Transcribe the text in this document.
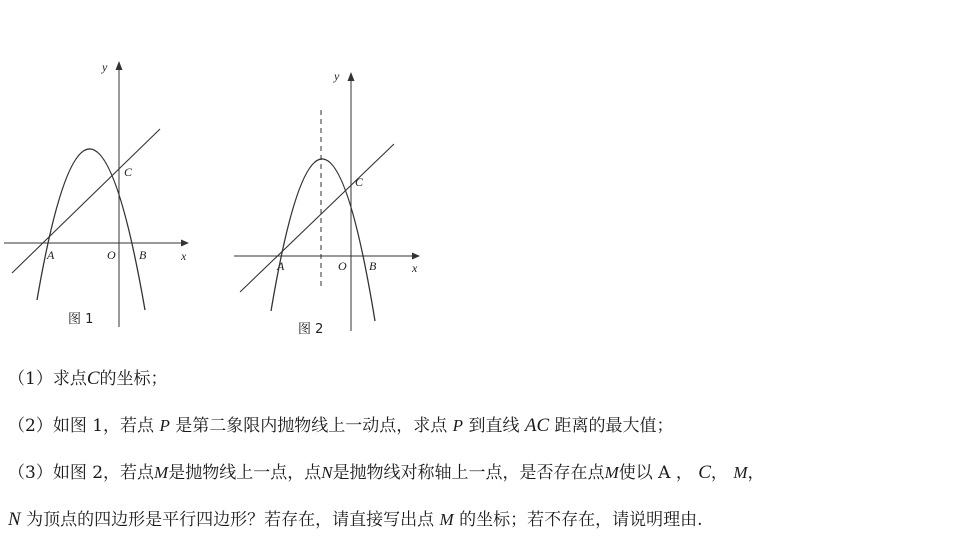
y
x
A	O B
C
图 1
y
x
A	O B
C
图 2
（1）求点C的坐标；
（2）如图 1，若点 P 是第二象限内抛物线上一动点，求点 P 到直线 AC 距离的最大值；
（3）如图 2，若点M是抛物线上一点，点N是抛物线对称轴上一点，是否存在点M使以 A ， C， M，
N 为顶点的四边形是平行四边形？若存在，请直接写出点 M 的坐标；若不存在，请说明理由.
